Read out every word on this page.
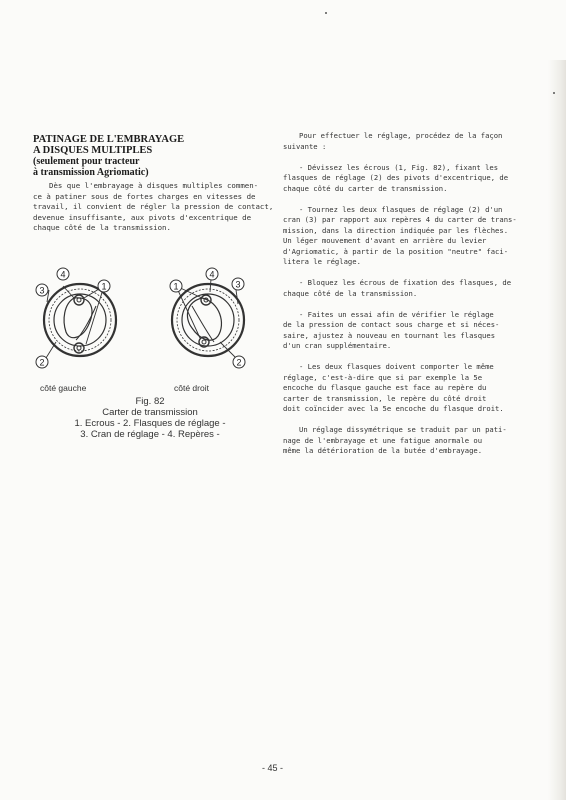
PATINAGE DE L'EMBRAYAGE
A DISQUES MULTIPLES
(seulement pour tracteur
à transmission Agriomatic)
Dès que l'embrayage à disques multiples commen-
ce à patiner sous de fortes charges en vitesses de
travail, il convient de régler la pression de contact,
devenue insuffisante, aux pivots d'excentrique de
chaque côté de la transmission.
4
1
3
2
4
1	3
2
côté gauche	côté droit
Fig. 82
Carter de transmission
1. Ecrous - 2. Flasques de réglage -
3. Cran de réglage - 4. Repères -
Pour effectuer le réglage, procédez de la façon
suivante :
- Dévissez les écrous (1, Fig. 82), fixant les
flasques de réglage (2) des pivots d'excentrique, de
chaque côté du carter de transmission.
- Tournez les deux flasques de réglage (2) d'un
cran (3) par rapport aux repères 4 du carter de trans-
mission, dans la direction indiquée par les flèches.
Un léger mouvement d'avant en arrière du levier
d'Agriomatic, à partir de la position "neutre" faci-
litera le réglage.
- Bloquez les écrous de fixation des flasques, de
chaque côté de la transmission.
- Faites un essai afin de vérifier le réglage
de la pression de contact sous charge et si néces-
saire, ajustez à nouveau en tournant les flasques
d'un cran supplémentaire.
- Les deux flasques doivent comporter le même
réglage, c'est-à-dire que si par exemple la 5e
encoche du flasque gauche est face au repère du
carter de transmission, le repère du côté droit
doit coïncider avec la 5e encoche du flasque droit.
Un réglage dissymétrique se traduit par un pati-
nage de l'embrayage et une fatigue anormale ou
même la détérioration de la butée d'embrayage.
- 45 -
